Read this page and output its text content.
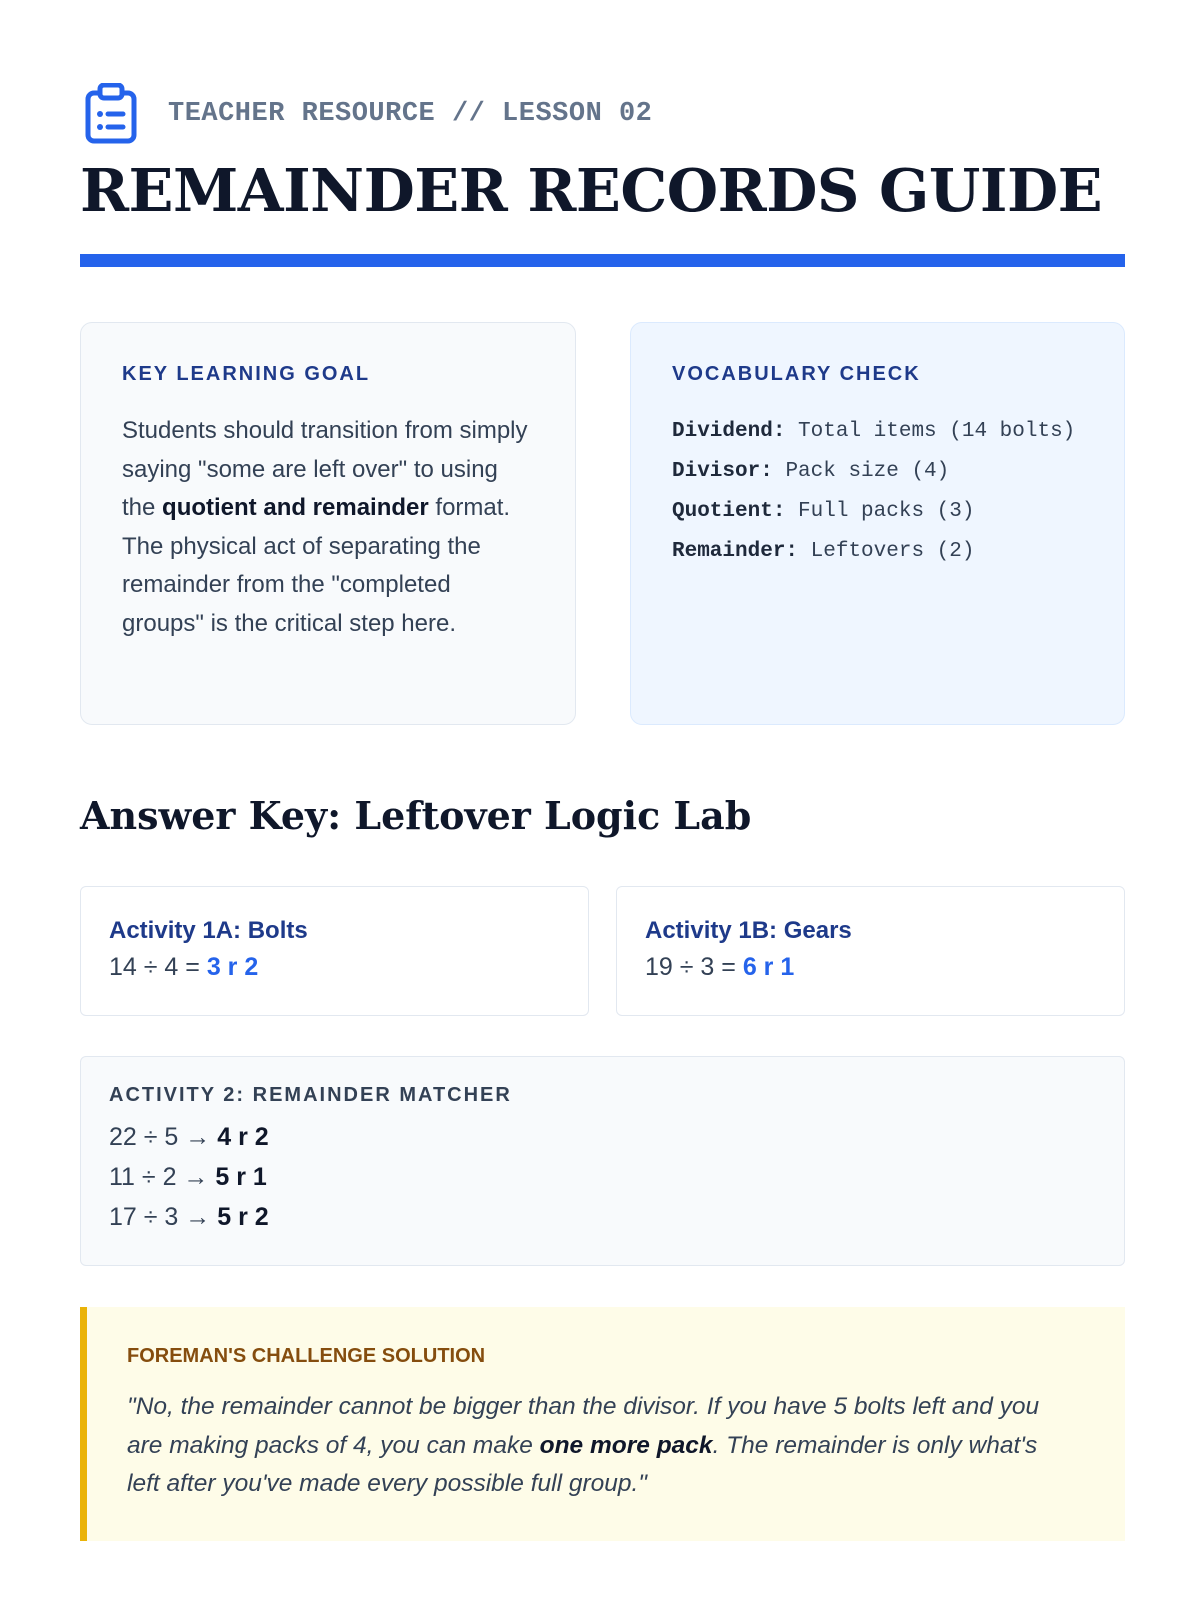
TEACHER RESOURCE // LESSON 02
REMAINDER RECORDS GUIDE

KEY LEARNING GOAL

Students should transition from simply saying "some are left over" to using the quotient and remainder format. The physical act of separating the remainder from the "completed groups" is the critical step here.

VOCABULARY CHECK

Dividend: Total items (14 bolts)
Divisor: Pack size (4)
Quotient: Full packs (3)
Remainder: Leftovers (2)
Answer Key: Leftover Logic Lab
Activity 1A: Bolts
14 ÷ 4 = 3 r 2
Activity 1B: Gears
19 ÷ 3 = 6 r 1

ACTIVITY 2: REMAINDER MATCHER

22 ÷ 5 → 4 r 2
11 ÷ 2 → 5 r 1
17 ÷ 3 → 5 r 2

FOREMAN'S CHALLENGE SOLUTION

"No, the remainder cannot be bigger than the divisor. If you have 5 bolts left and you are making packs of 4, you can make one more pack. The remainder is only what's left after you've made every possible full group."
